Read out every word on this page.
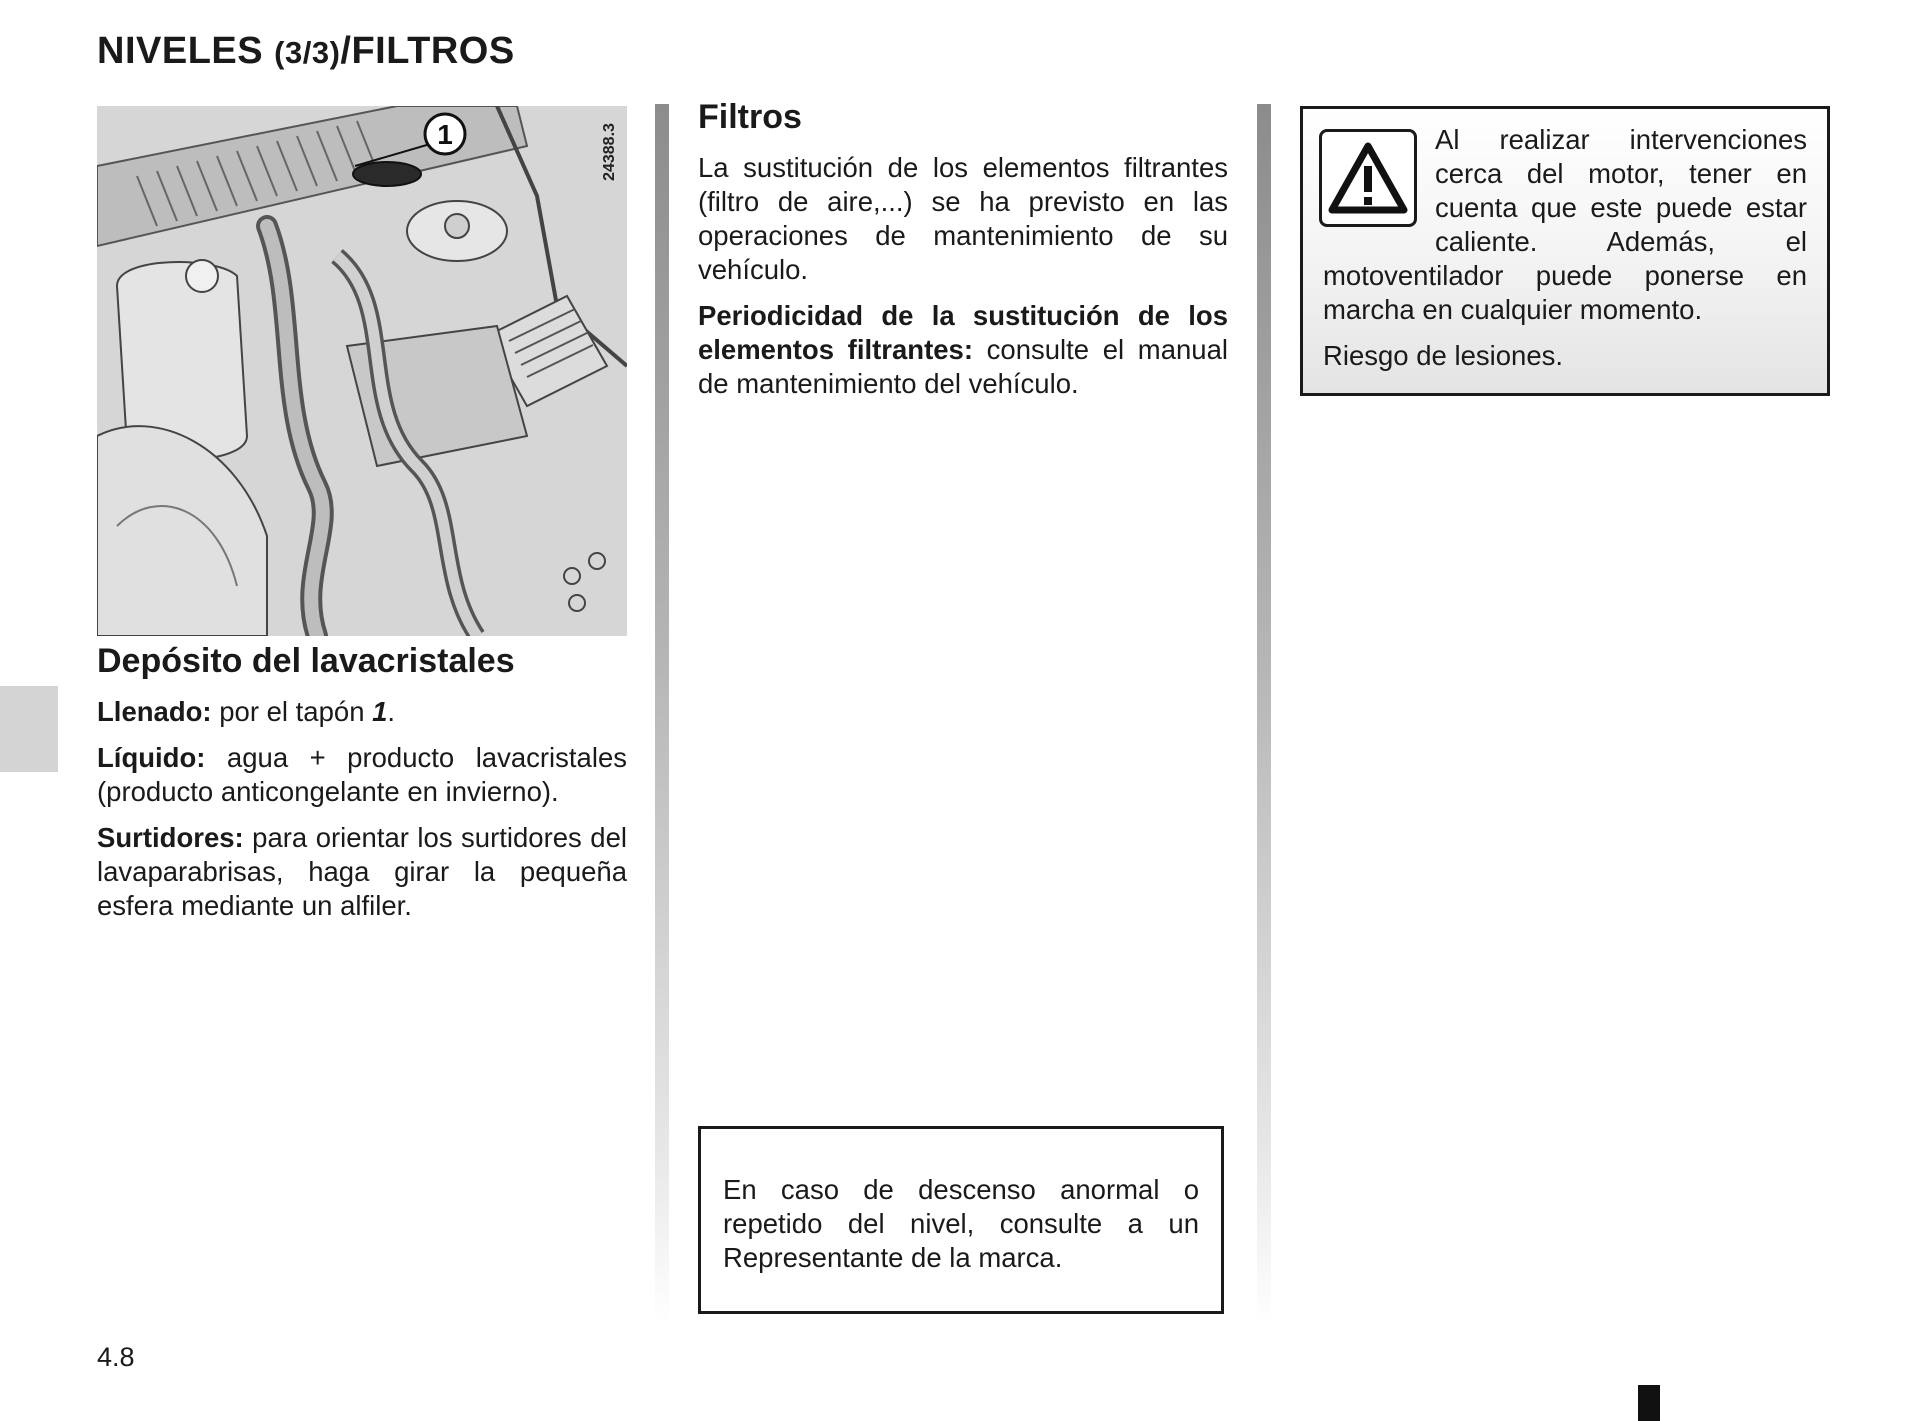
NIVELES (3/3)/FILTROS
1	24388.3
Depósito del lavacristales

Llenado: por el tapón 1.

Líquido: agua + producto lavacristales (producto anticongelante en invierno).

Surtidores: para orientar los surtidores del lavaparabrisas, haga girar la pequeña esfera mediante un alfiler.

Filtros

La sustitución de los elementos filtrantes (filtro de aire,...) se ha previsto en las operaciones de mantenimiento de su vehículo.

Periodicidad de la sustitución de los elementos filtrantes: consulte el manual de mantenimiento del vehículo.

En caso de descenso anormal o repetido del nivel, consulte a un Representante de la marca.

Al realizar intervenciones cerca del motor, tener en cuenta que este puede estar caliente. Además, el motoventilador puede ponerse en marcha en cualquier momento.

Riesgo de lesiones.

4.8
